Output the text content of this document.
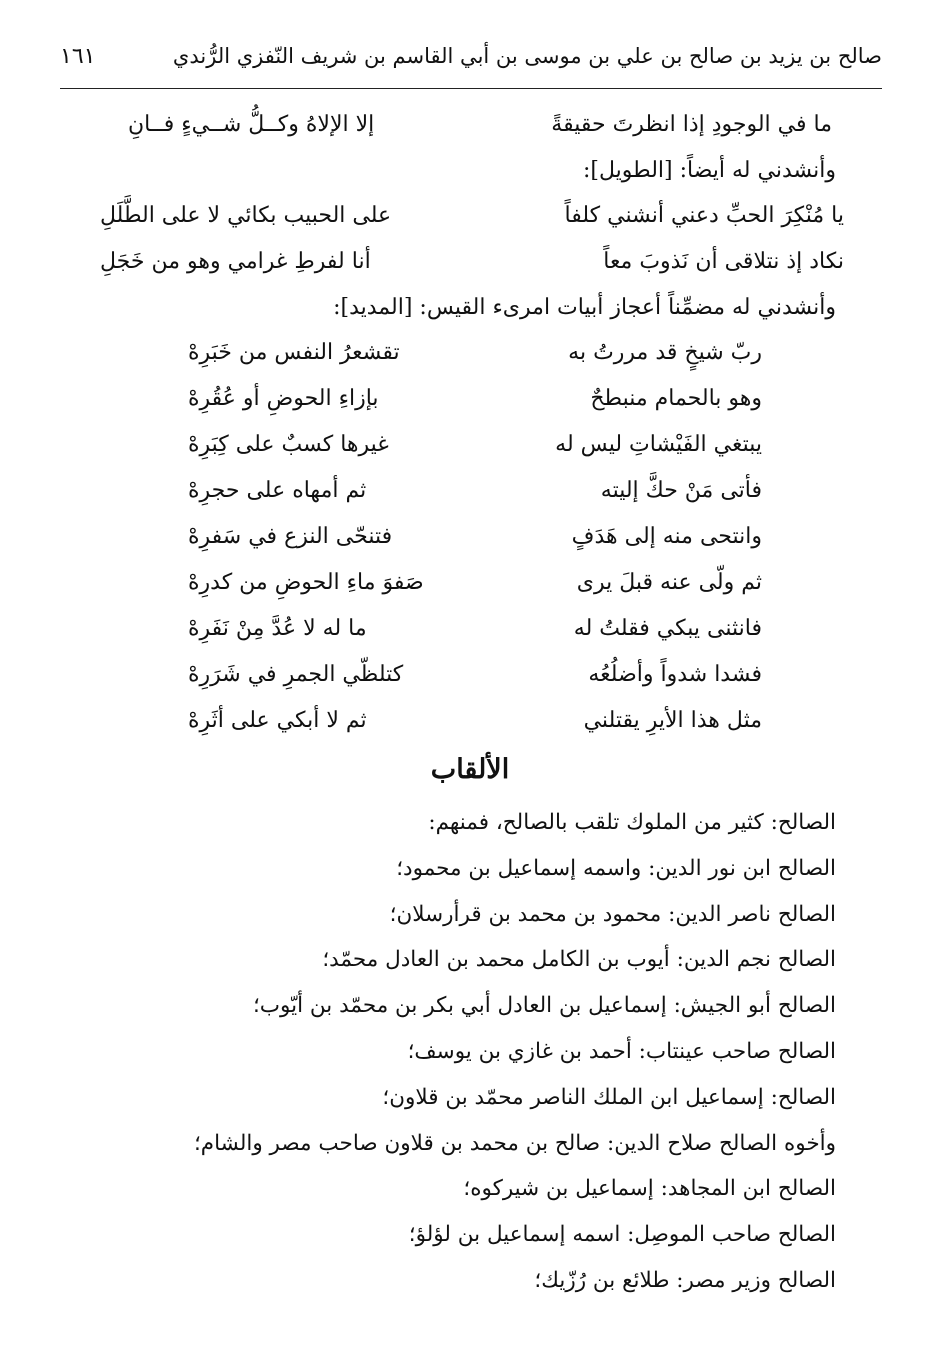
صالح بن يزيد بن صالح بن علي بن موسى بن أبي القاسم بن شريف النّفزي الرُّندي
١٦١
ما في الوجودِ إذا انظرتَ حقيقةً
إلا الإلاهُ وكــلُّ شــيءٍ فــانِ
وأنشدني له أيضاً: [الطويل]:
يا مُنْكِرَ الحبِّ دعني أنشني كلفاً
على الحبيب بكائي لا على الطَّلَلِ
نكاد إذ نتلاقى أن نَذوبَ معاً
أنا لفرطِ غرامي وهو من خَجَلِ
وأنشدني له مضمِّناً أعجاز أبيات امرىء القيس: [المديد]:
ربّ شيخٍ قد مررتُ به
تقشعرُ النفس من خَبَرِهْ
وهو بالحمام منبطحٌ
بإزاءِ الحوضِ أو عُقُرِهْ
يبتغي الفَيْشاتِ ليس له
غيرها كسبٌ على كِبَرِهْ
فأتى مَنْ حكَّ إليته
ثم أمهاه على حجرِهْ
وانتحى منه إلى هَدَفٍ
فتنحّى النزع في سَفرِهْ
ثم ولّى عنه قبلَ يرى
صَفوَ ماءِ الحوضِ من كدرِهْ
فانثنى يبكي فقلتُ له
ما له لا عُدَّ مِنْ نَفَرِهْ
فشدا شدواً وأضلُعُه
كتلظّي الجمرِ في شَرَرِهْ
مثل هذا الأيرِ يقتلني
ثم لا أبكي على أثَرِهْ
الألقاب
الصالح: كثير من الملوك تلقب بالصالح، فمنهم:
الصالح ابن نور الدين: واسمه إسماعيل بن محمود؛
الصالح ناصر الدين: محمود بن محمد بن قرأرسلان؛
الصالح نجم الدين: أيوب بن الكامل محمد بن العادل محمّد؛
الصالح أبو الجيش: إسماعيل بن العادل أبي بكر بن محمّد بن أيّوب؛
الصالح صاحب عينتاب: أحمد بن غازي بن يوسف؛
الصالح: إسماعيل ابن الملك الناصر محمّد بن قلاون؛
وأخوه الصالح صلاح الدين: صالح بن محمد بن قلاون صاحب مصر والشام؛
الصالح ابن المجاهد: إسماعيل بن شيركوه؛
الصالح صاحب الموصِل: اسمه إسماعيل بن لؤلؤ؛
الصالح وزير مصر: طلائع بن رُزّيك؛
